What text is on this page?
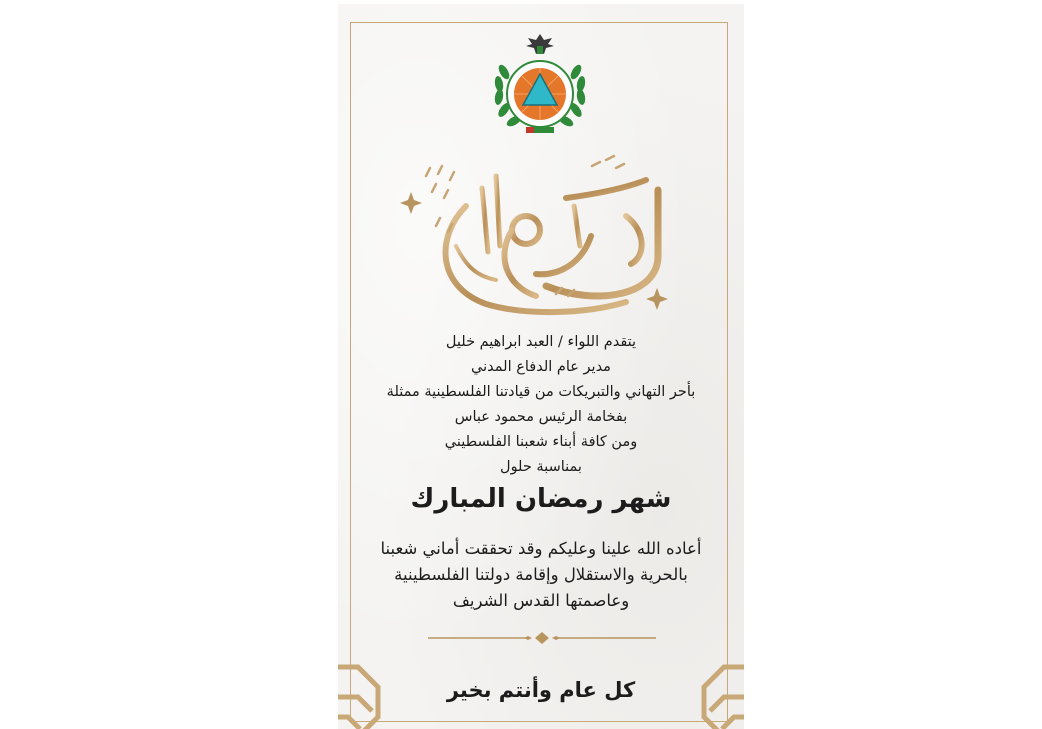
يتقدم اللواء / العبد ابراهيم خليل
مدير عام الدفاع المدني
بأحر التهاني والتبريكات من قيادتنا الفلسطينية ممثلة
بفخامة الرئيس محمود عباس
ومن كافة أبناء شعبنا الفلسطيني
بمناسبة حلول
شهر رمضان المبارك
أعاده الله علينا وعليكم وقد تحققت أماني شعبنا
بالحرية والاستقلال وإقامة دولتنا الفلسطينية
وعاصمتها القدس الشريف
كل عام وأنتم بخير
